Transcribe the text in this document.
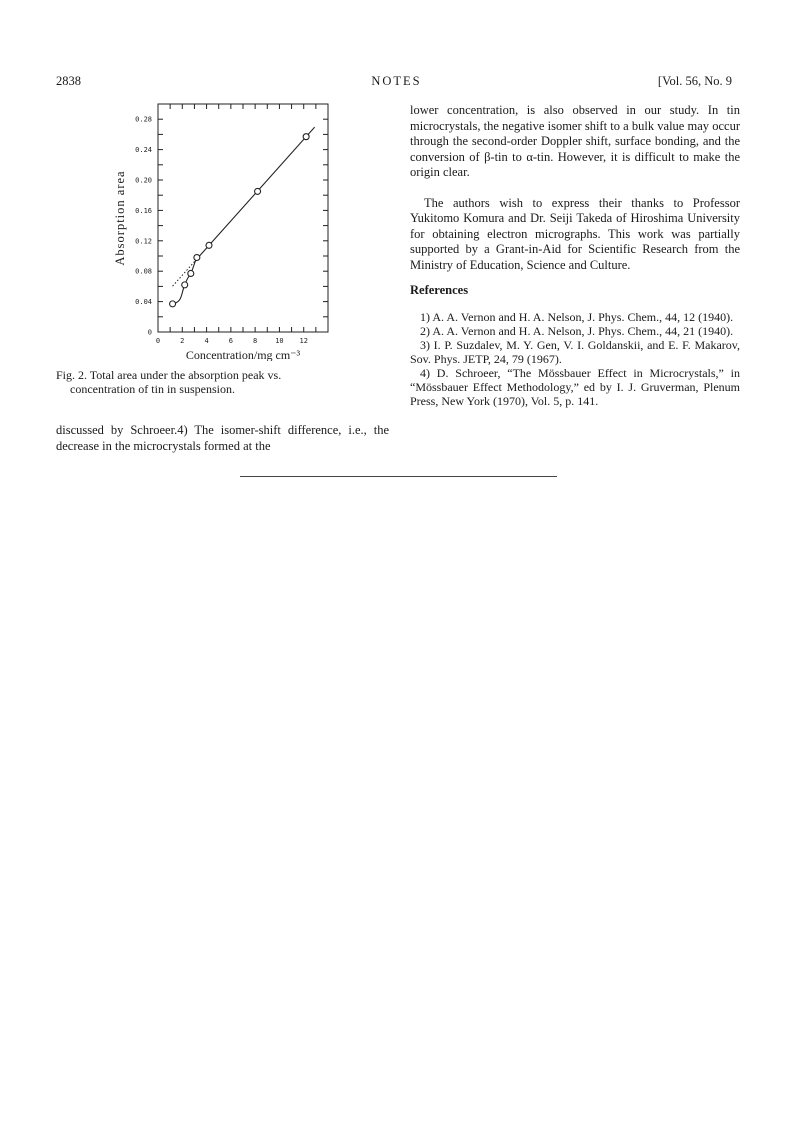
2838	NOTES	[Vol. 56, No. 9
0	2	4	6	8	10 12
0
0.04
0.08
0.12
0.16
0.20
0.24
0.28
Concentration/mg cm⁻³
Absorption area
Fig. 2. Total area under the absorption peak vs.
concentration of tin in suspension.
discussed by Schroeer.4) The isomer-shift difference, i.e., the decrease in the microcrystals formed at the

lower concentration, is also observed in our study. In tin microcrystals, the negative isomer shift to a bulk value may occur through the second-order Doppler shift, surface bonding, and the conversion of β-tin to α-tin. However, it is difficult to make the origin clear.

The authors wish to express their thanks to Professor Yukitomo Komura and Dr. Seiji Takeda of Hiroshima University for obtaining electron micrographs. This work was partially supported by a Grant-in-Aid for Scientific Research from the Ministry of Education, Science and Culture.

References
1) A. A. Vernon and H. A. Nelson, J. Phys. Chem., 44, 12 (1940).
2) A. A. Vernon and H. A. Nelson, J. Phys. Chem., 44, 21 (1940).
3) I. P. Suzdalev, M. Y. Gen, V. I. Goldanskii, and E. F. Makarov, Sov. Phys. JETP, 24, 79 (1967).
4) D. Schroeer, “The Mössbauer Effect in Microcrystals,” in “Mössbauer Effect Methodology,” ed by I. J. Gruverman, Plenum Press, New York (1970), Vol. 5, p. 141.
